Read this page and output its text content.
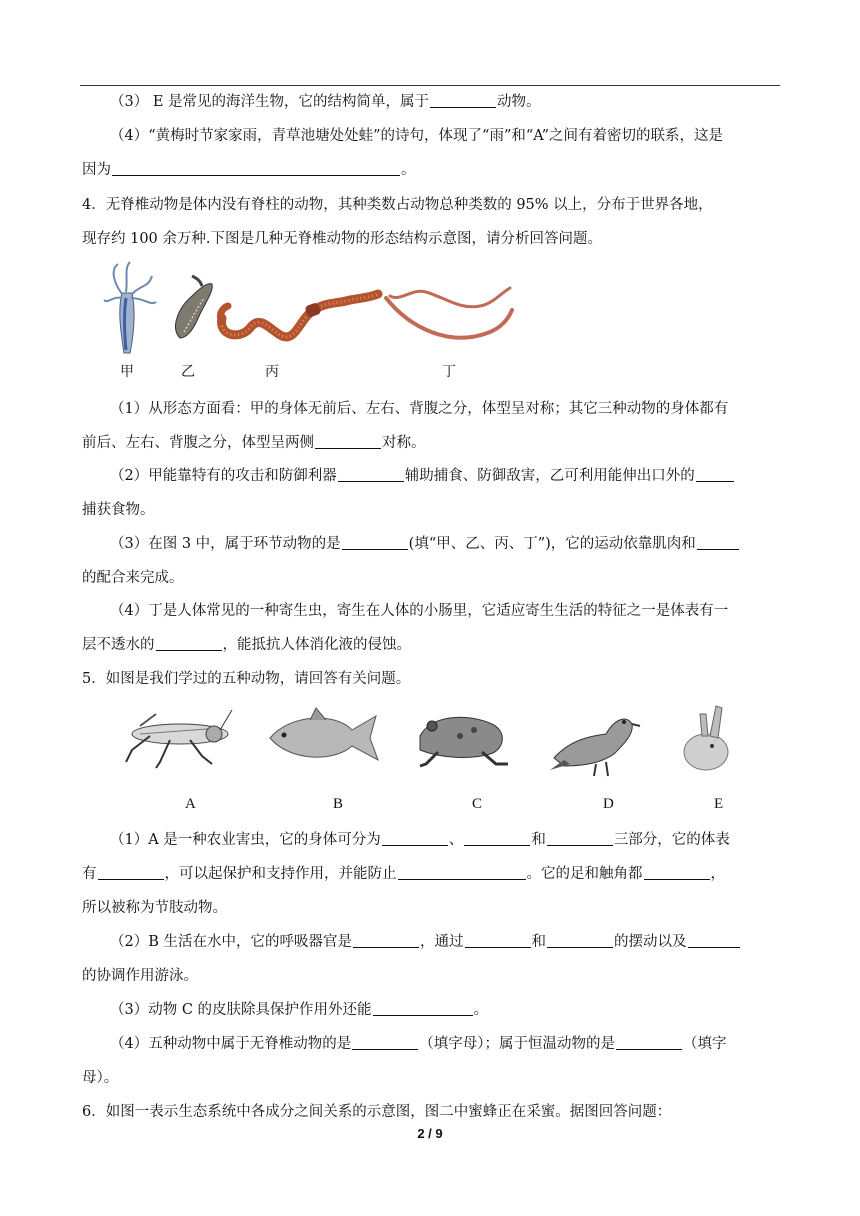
（3） E 是常见的海洋生物，它的结构简单，属于	动物。
（4）“黄梅时节家家雨，青草池塘处处蛙”的诗句，体现了“雨”和“A”之间有着密切的联系，这是
因为	。
4．无脊椎动物是体内没有脊柱的动物，其种类数占动物总种类数的 95% 以上，分布于世界各地，
现存约 100 余万种.下图是几种无脊椎动物的形态结构示意图，请分析回答问题。
甲	乙	丙	丁
（1）从形态方面看：甲的身体无前后、左右、背腹之分，体型呈对称；其它三种动物的身体都有
前后、左右、背腹之分，体型呈两侧	对称。
（2）甲能靠特有的攻击和防御利器	辅助捕食、防御敌害，乙可利用能伸出口外的
捕获食物。
（3）在图 3 中，属于环节动物的是	(填“甲、乙、丙、丁”)，它的运动依靠肌肉和
的配合来完成。
（4）丁是人体常见的一种寄生虫，寄生在人体的小肠里，它适应寄生生活的特征之一是体表有一
层不透水的	，能抵抗人体消化液的侵蚀。
5．如图是我们学过的五种动物，请回答有关问题。
A	B	C	D	E
（1）A 是一种农业害虫，它的身体可分为	、	和	三部分，它的体表
有	，可以起保护和支持作用，并能防止	。它的足和触角都	，
所以被称为节肢动物。
（2）B 生活在水中，它的呼吸器官是	，通过	和	的摆动以及
的协调作用游泳。
（3）动物 C 的皮肤除具保护作用外还能	。
（4）五种动物中属于无脊椎动物的是	（填字母）；属于恒温动物的是	（填字
母）。
6．如图一表示生态系统中各成分之间关系的示意图，图二中蜜蜂正在采蜜。据图回答问题：
2 / 9
